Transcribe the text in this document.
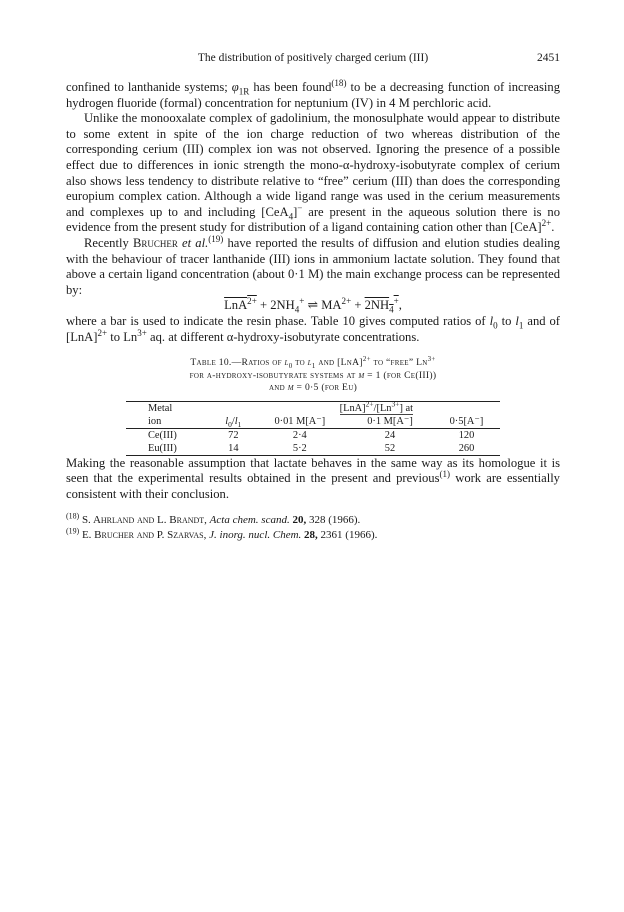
The distribution of positively charged cerium (III)	2451

confined to lanthanide systems; $\varphi_{1R}$ has been found$^{(18)}$ to be a decreasing function of increasing hydrogen fluoride (formal) concentration for neptunium (IV) in 4 M perchloric acid.

Unlike the monooxalate complex of gadolinium, the monosulphate would appear to distribute to some extent in spite of the ion charge reduction of two whereas distribution of the corresponding cerium (III) complex ion was not observed. Ignoring the presence of a possible effect due to differences in ionic strength the mono-α-hydroxy-isobutyrate complex of cerium also shows less tendency to distribute relative to “free” cerium (III) than does the corresponding europium complex cation. Although a wide ligand range was used in the cerium measurements and complexes up to and including [CeA$_4$]− are present in the aqueous solution there is no evidence from the present study for distribution of a ligand containing cation other than [CeA]$^{2+}$.

Recently Brucher et al.$^{(19)}$ have reported the results of diffusion and elution studies dealing with the behaviour of tracer lanthanide (III) ions in ammonium lactate solution. They found that above a certain ligand concentration (about 0·1 M) the main exchange process can be represented by:

$LnA^{2+} + 2NH_4^+$ ⇌ $MA^{2+} + 2NH_4^+$,

where a bar is used to indicate the resin phase. Table 10 gives computed ratios of $l_0$ to $l_1$ and of [LnA]$^{2+}$ to $Ln^{3+}$ aq. at different α-hydroxy-isobutyrate concentrations.

Table 10.—Ratios of $l_0$ to $l_1$ and [LnA]$^{2+}$ to “free” $Ln^{3+}$
for α-hydroxy-isobutyrate systems at μ = 1 (for Ce(III))
and μ = 0·5 (for Eu)
Metal		$[LnA]^{2+}/[Ln^{3+}]$ at		
ion	$l_0/l_1$	0·01 M[A⁻]	0·1 M[A⁻]	0·5[A⁻]
Ce(III)	72	2·4	24	120
Eu(III)	14	5·2	52	260

Making the reasonable assumption that lactate behaves in the same way as its homologue it is seen that the experimental results obtained in the present and previous$^{(1)}$ work are essentially consistent with their conclusion.

$^{(18)}$ S. Ahrland and L. Brandt, Acta chem. scand. 20, 328 (1966).

$^{(19)}$ E. Brucher and P. Szarvas, J. inorg. nucl. Chem. 28, 2361 (1966).
